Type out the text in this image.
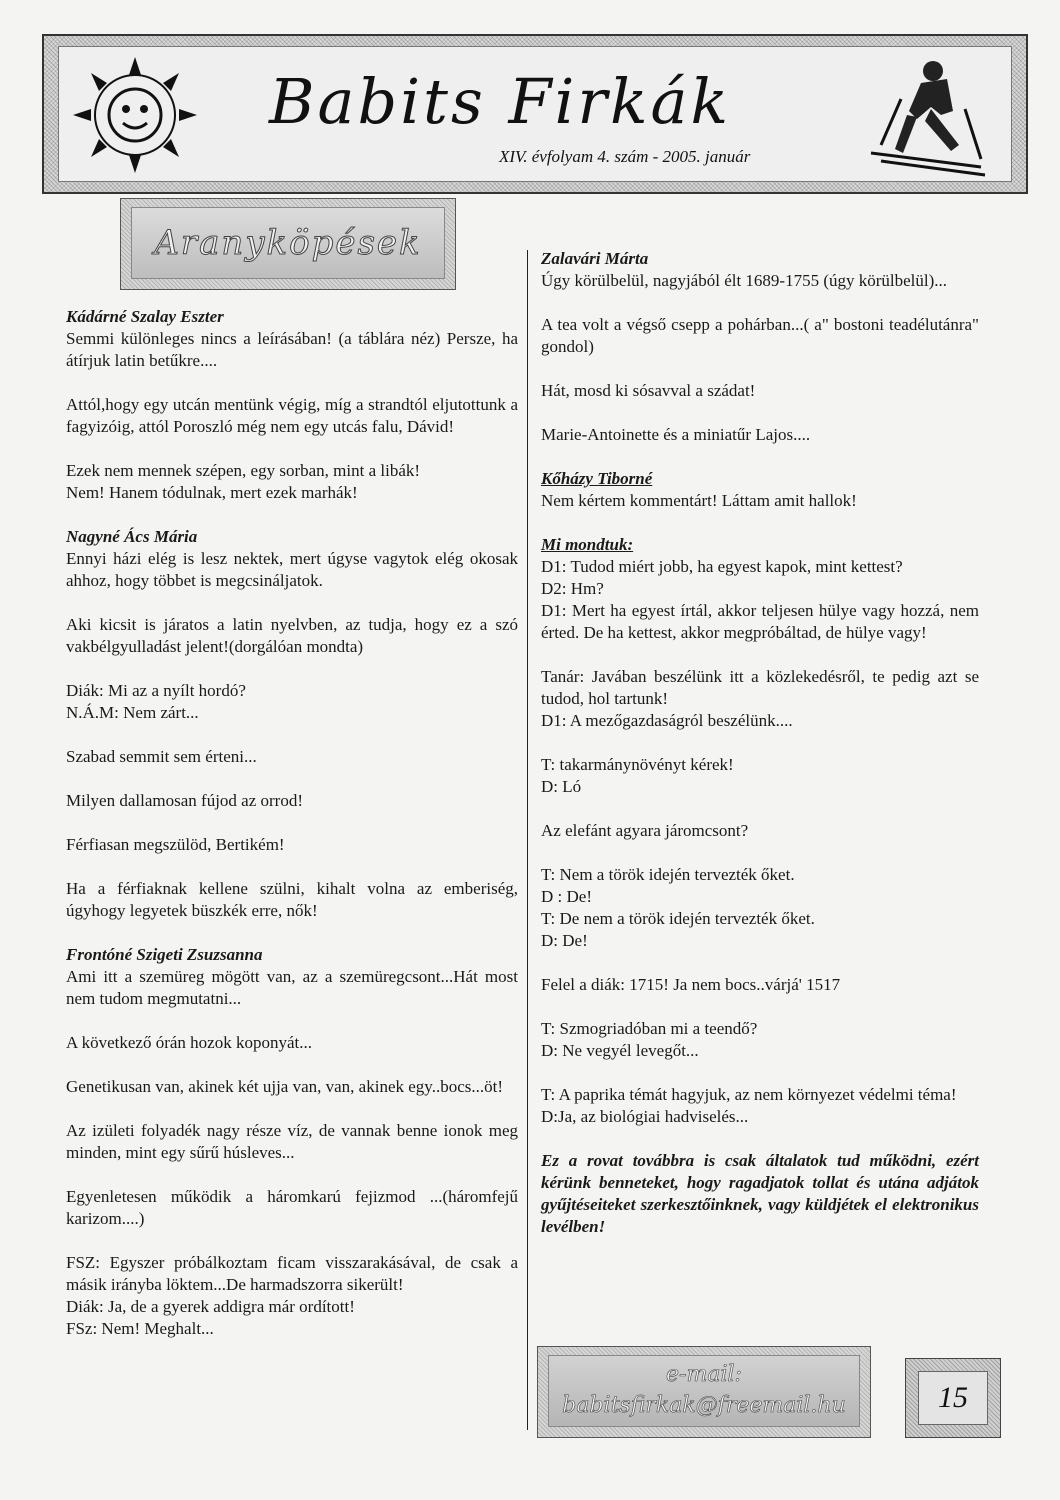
Babits Firkák
XIV. évfolyam 4. szám - 2005. január
Aranyköpések

Kádárné Szalay Eszter

Semmi különleges nincs a leírásában! (a táblára néz) Persze, ha átírjuk latin betűkre....

Attól,hogy egy utcán mentünk végig, míg a strandtól eljutottunk a fagyizóig, attól Poroszló még nem egy utcás falu, Dávid!

Ezek nem mennek szépen, egy sorban, mint a libák!
Nem! Hanem tódulnak, mert ezek marhák!

Nagyné Ács Mária

Ennyi házi elég is lesz nektek, mert úgyse vagytok elég okosak ahhoz, hogy többet is megcsináljatok.

Aki kicsit is járatos a latin nyelvben, az tudja, hogy ez a szó vakbélgyulladást jelent!(dorgálóan mondta)

Diák: Mi az a nyílt hordó?
N.Á.M: Nem zárt...

Szabad semmit sem érteni...

Milyen dallamosan fújod az orrod!

Férfiasan megszülöd, Bertikém!

Ha a férfiaknak kellene szülni, kihalt volna az emberiség, úgyhogy legyetek büszkék erre, nők!

Frontóné Szigeti Zsuzsanna

Ami itt a szemüreg mögött van, az a szemüregcsont...Hát most nem tudom megmutatni...

A következő órán hozok koponyát...

Genetikusan van, akinek két ujja van, van, akinek egy..bocs...öt!

Az izületi folyadék nagy része víz, de vannak benne ionok meg minden, mint egy sűrű húsleves...

Egyenletesen működik a háromkarú fejizmod ...(háromfejű karizom....)

FSZ: Egyszer próbálkoztam ficam visszarakásával, de csak a másik irányba löktem...De harmadszorra sikerült!
Diák: Ja, de a gyerek addigra már ordított!
FSz: Nem! Meghalt...

Zalavári Márta

Úgy körülbelül, nagyjából élt 1689-1755 (úgy körülbelül)...

A tea volt a végső csepp a pohárban...( a" bostoni teadélutánra" gondol)

Hát, mosd ki sósavval a szádat!

Marie-Antoinette és a miniatűr Lajos....

Kőházy Tiborné

Nem kértem kommentárt! Láttam amit hallok!

Mi mondtuk:

D1: Tudod miért jobb, ha egyest kapok, mint kettest?
D2: Hm?
D1: Mert ha egyest írtál, akkor teljesen hülye vagy hozzá, nem érted. De ha kettest, akkor megpróbáltad, de hülye vagy!

Tanár: Javában beszélünk itt a közlekedésről, te pedig azt se tudod, hol tartunk!
D1: A mezőgazdaságról beszélünk....

T: takarmánynövényt kérek!
D: Ló

Az elefánt agyara járomcsont?

T: Nem a török idején tervezték őket.
D : De!
T: De nem a török idején tervezték őket.
D: De!

Felel a diák: 1715! Ja nem bocs..várjá' 1517

T: Szmogriadóban mi a teendő?
D: Ne vegyél levegőt...

T: A paprika témát hagyjuk, az nem környezet védelmi téma!
D:Ja, az biológiai hadviselés...

Ez a rovat továbbra is csak általatok tud működni, ezért kérünk benneteket, hogy ragadjatok tollat és utána adjátok gyűjtéseiteket szerkesztőinknek, vagy küldjétek el elektronikus levélben!

e-mail:
babitsfirkak@freemail.hu	15
